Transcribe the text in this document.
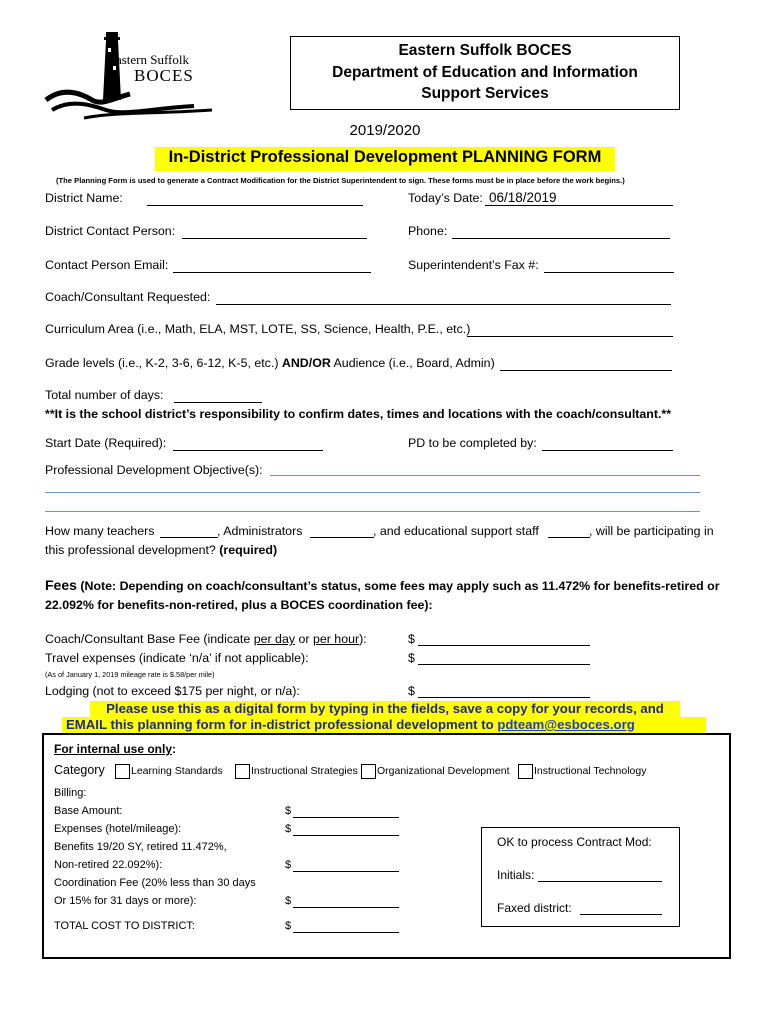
Eastern Suffolk
BOCES
Eastern Suffolk BOCES
Department of Education and Information
Support Services
2019/2020
In-District Professional Development PLANNING FORM
(The Planning Form is used to generate a Contract Modification for the District Superintendent to sign. These forms must be in place before the work begins.)
District Name:	Today’s Date: 06/18/2019
District Contact Person:	Phone:
Contact Person Email:	Superintendent’s Fax #:
Coach/Consultant Requested:
Curriculum Area (i.e., Math, ELA, MST, LOTE, SS, Science, Health, P.E., etc.)
Grade levels (i.e., K-2, 3-6, 6-12, K-5, etc.) AND/OR Audience (i.e., Board, Admin)
Total number of days:
**It is the school district’s responsibility to confirm dates, times and locations with the coach/consultant.**
Start Date (Required):	PD to be completed by:
Professional Development Objective(s):
How many teachers	, Administrators	, and educational support staff	, will be participating in
this professional development? (required)
Fees (Note: Depending on coach/consultant’s status, some fees may apply such as 11.472% for benefits-retired or
22.092% for benefits-non-retired, plus a BOCES coordination fee):
Coach/Consultant Base Fee (indicate per day or per hour):	$
Travel expenses (indicate ‘n/a’ if not applicable):	$
(As of January 1, 2019 mileage rate is $.58/per mile)
Lodging (not to exceed $175 per night, or n/a):	$
Please use this as a digital form by typing in the fields, save a copy for your records, and
EMAIL this planning form for in-district professional development to pdteam@esboces.org
For internal use only:
Category	Learning Standards	Instructional Strategies Organizational Development Instructional Technology
Billing:
Base Amount:	$
Expenses (hotel/mileage):	$
Benefits 19/20 SY, retired 11.472%,
Non-retired 22.092%):	$
Coordination Fee (20% less than 30 days
Or 15% for 31 days or more):	$
TOTAL COST TO DISTRICT:	$
OK to process Contract Mod:
Initials:
Faxed district:
